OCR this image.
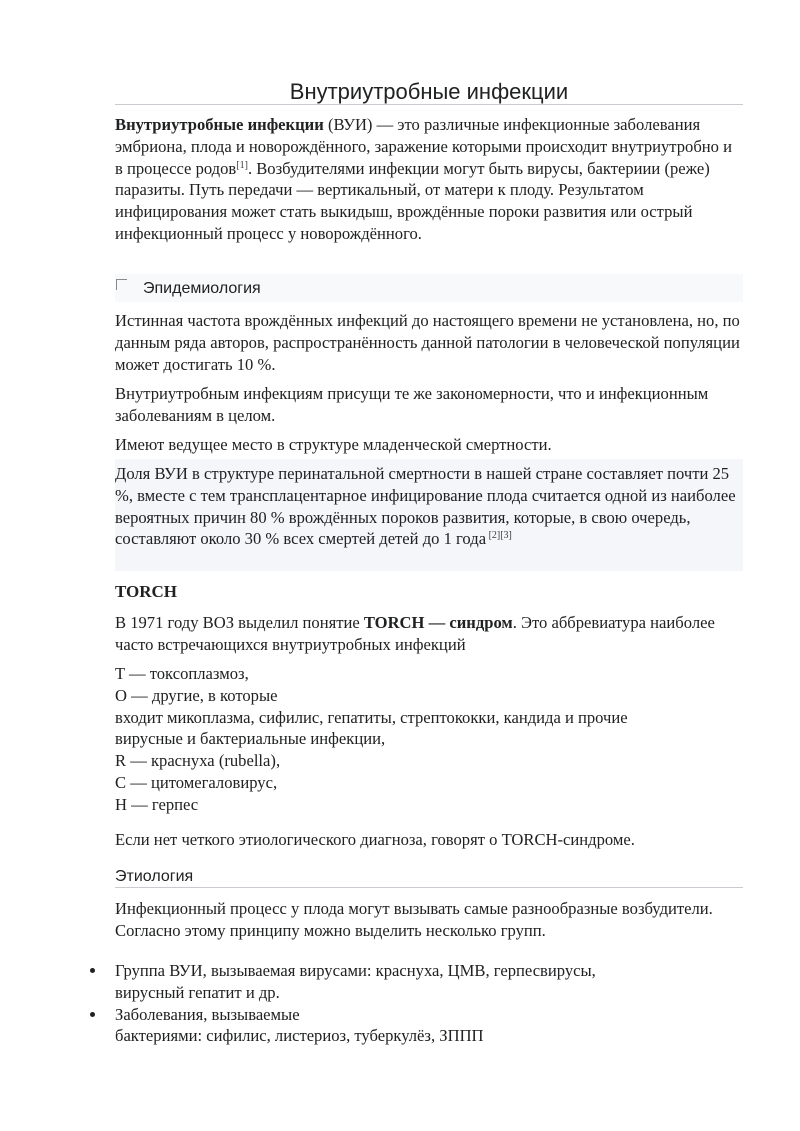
Внутриутробные инфекции

Внутриутробные инфекции (ВУИ) — это различные инфекционные заболевания эмбриона, плода и новорождённого, заражение которыми происходит внутриутробно и в процессе родов[1]. Возбудителями инфекции могут быть вирусы, бактериии (реже) паразиты. Путь передачи — вертикальный, от матери к плоду. Результатом инфицирования может стать выкидыш, врождённые пороки развития или острый инфекционный процесс у новорождённого.

Эпидемиология

Истинная частота врождённых инфекций до настоящего времени не установлена, но, по данным ряда авторов, распространённость данной патологии в человеческой популяции может достигать 10 %.

Внутриутробным инфекциям присущи те же закономерности, что и инфекционным заболеваниям в целом.

Имеют ведущее место в структуре младенческой смертности.

Доля ВУИ в структуре перинатальной смертности в нашей стране составляет почти 25 %, вместе с тем трансплацентарное инфицирование плода считается одной из наиболее вероятных причин 80 % врождённых пороков развития, которые, в свою очередь, составляют около 30 % всех смертей детей до 1 года [2][3]

TORCH

В 1971 году ВОЗ выделил понятие TORCH — синдром. Это аббревиатура наиболее часто встречающихся внутриутробных инфекций

T — токсоплазмоз,
O — другие, в которые
входит микоплазма, сифилис, гепатиты, стрептококки, кандида и прочие
вирусные и бактериальные инфекции,
R — краснуха (rubella),
C — цитомегаловирус,
H — герпес

Если нет четкого этиологического диагноза, говорят о TORCH-синдроме.

Этиология

Инфекционный процесс у плода могут вызывать самые разнообразные возбудители. Согласно этому принципу можно выделить несколько групп.

Группа ВУИ, вызываемая вирусами: краснуха, ЦМВ, герпесвирусы,
вирусный гепатит и др.
Заболевания, вызываемые
бактериями: сифилис, листериоз, туберкулёз, ЗППП
